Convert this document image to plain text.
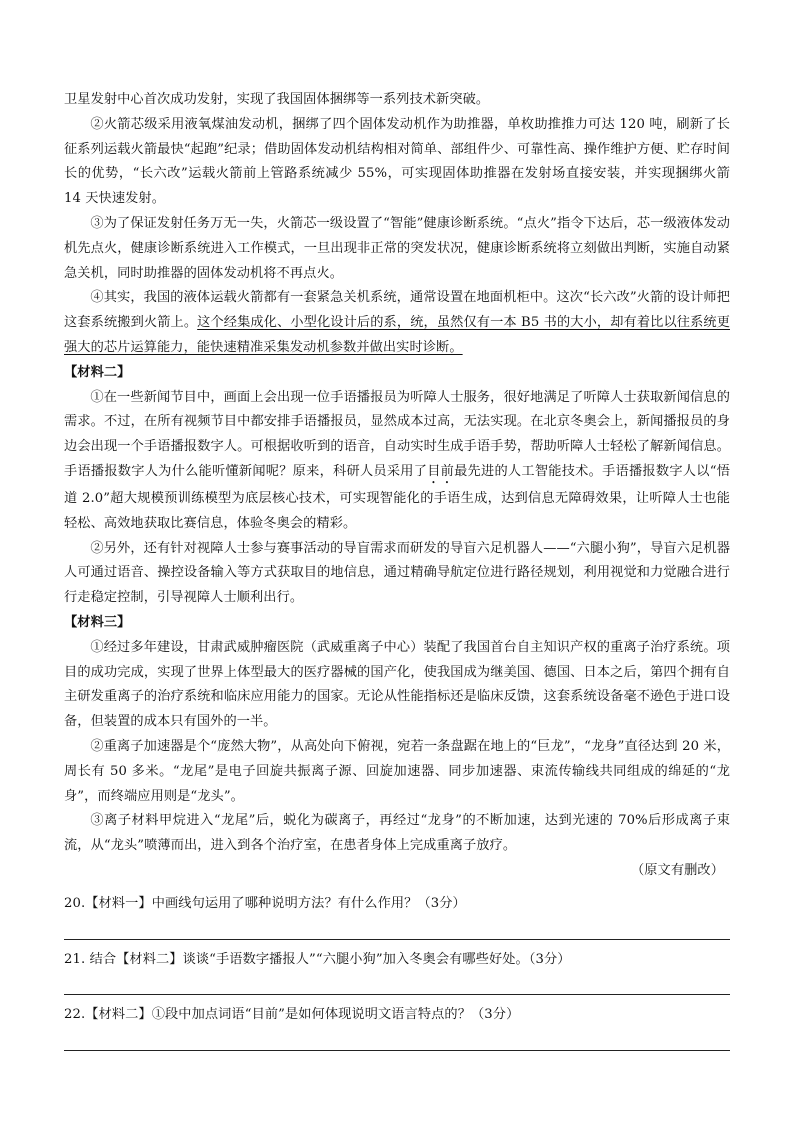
卫星发射中心首次成功发射，实现了我国固体捆绑等一系列技术新突破。

②火箭芯级采用液氧煤油发动机，捆绑了四个固体发动机作为助推器，单枚助推推力可达 120 吨，刷新了长征系列运载火箭最快“起跑”纪录；借助固体发动机结构相对简单、部组件少、可靠性高、操作维护方便、贮存时间长的优势，“长六改”运载火箭前上管路系统减少 55%，可实现固体助推器在发射场直接安装，并实现捆绑火箭 14 天快速发射。

③为了保证发射任务万无一失，火箭芯一级设置了“智能”健康诊断系统。“点火”指令下达后，芯一级液体发动机先点火，健康诊断系统进入工作模式，一旦出现非正常的突发状况，健康诊断系统将立刻做出判断，实施自动紧急关机，同时助推器的固体发动机将不再点火。

④其实，我国的液体运载火箭都有一套紧急关机系统，通常设置在地面机柜中。这次“长六改”火箭的设计师把这套系统搬到火箭上。这个经集成化、小型化设计后的系，统，虽然仅有一本 B5 书的大小，却有着比以往系统更强大的芯片运算能力，能快速精准采集发动机参数并做出实时诊断。

【材料二】

①在一些新闻节目中，画面上会出现一位手语播报员为听障人士服务，很好地满足了听障人士获取新闻信息的需求。不过，在所有视频节目中都安排手语播报员，显然成本过高，无法实现。在北京冬奥会上，新闻播报员的身边会出现一个手语播报数字人。可根据收听到的语音，自动实时生成手语手势，帮助听障人士轻松了解新闻信息。手语播报数字人为什么能听懂新闻呢？原来，科研人员采用了目前最先进的人工智能技术。手语播报数字人以“悟道 2.0”超大规模预训练模型为底层核心技术，可实现智能化的手语生成，达到信息无障碍效果，让听障人士也能轻松、高效地获取比赛信息，体验冬奥会的精彩。

②另外，还有针对视障人士参与赛事活动的导盲需求而研发的导盲六足机器人——“六腿小狗”，导盲六足机器人可通过语音、操控设备输入等方式获取目的地信息，通过精确导航定位进行路径规划，利用视觉和力觉融合进行行走稳定控制，引导视障人士顺利出行。

【材料三】

①经过多年建设，甘肃武威肿瘤医院（武威重离子中心）装配了我国首台自主知识产权的重离子治疗系统。项目的成功完成，实现了世界上体型最大的医疗器械的国产化，使我国成为继美国、德国、日本之后，第四个拥有自主研发重离子的治疗系统和临床应用能力的国家。无论从性能指标还是临床反馈，这套系统设备毫不逊色于进口设备，但装置的成本只有国外的一半。

②重离子加速器是个“庞然大物”，从高处向下俯视，宛若一条盘踞在地上的“巨龙”，“龙身”直径达到 20 米，周长有 50 多米。“龙尾”是电子回旋共振离子源、回旋加速器、同步加速器、束流传输线共同组成的绵延的“龙身”，而终端应用则是“龙头”。

③离子材料甲烷进入“龙尾”后，蜕化为碳离子，再经过“龙身”的不断加速，达到光速的 70%后形成离子束流，从“龙头”喷薄而出，进入到各个治疗室，在患者身体上完成重离子放疗。

（原文有删改）

20.【材料一】中画线句运用了哪种说明方法？有什么作用？（3分）

21. 结合【材料二】谈谈“手语数字播报人”“六腿小狗”加入冬奥会有哪些好处。（3分）

22.【材料二】①段中加点词语“目前”是如何体现说明文语言特点的？（3分）
